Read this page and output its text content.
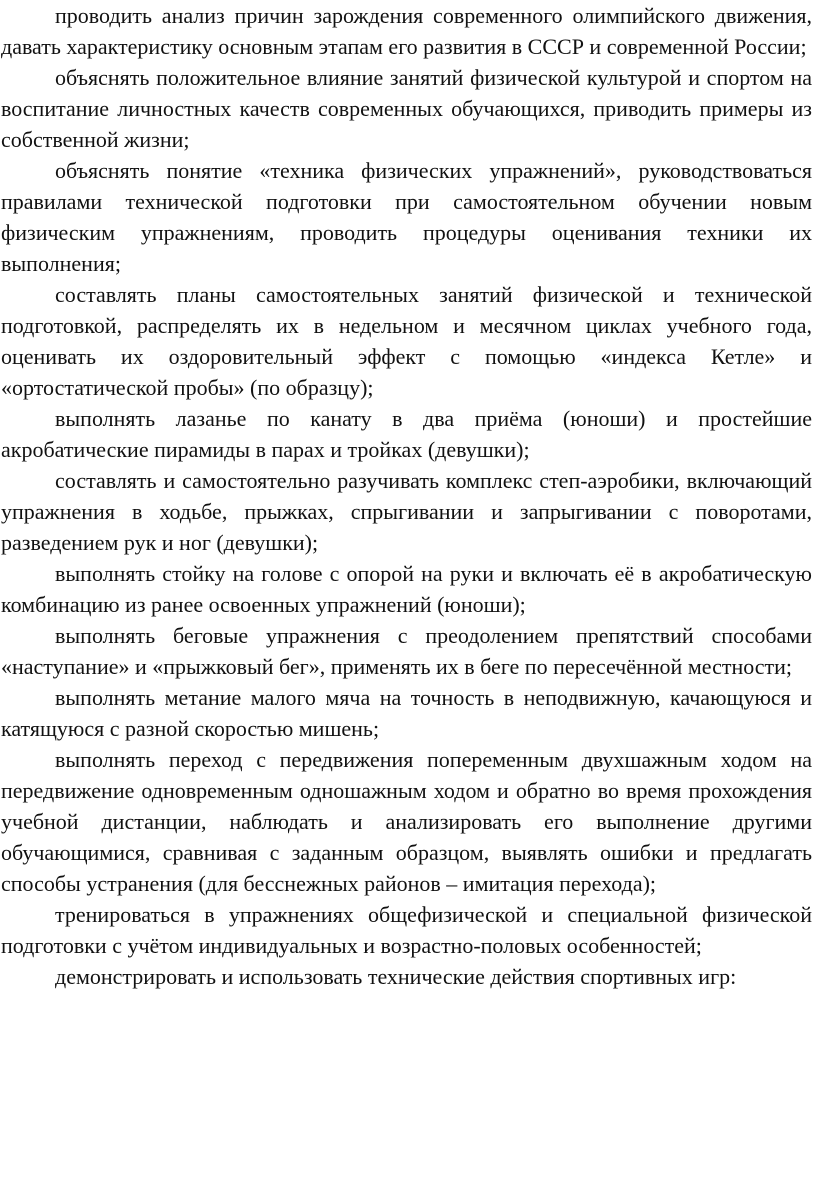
проводить анализ причин зарождения современного олимпийского движения, давать характеристику основным этапам его развития в СССР и современной России;

объяснять положительное влияние занятий физической культурой и спортом на воспитание личностных качеств современных обучающихся, приводить примеры из собственной жизни;

объяснять понятие «техника физических упражнений», руководствоваться правилами технической подготовки при самостоятельном обучении новым физическим упражнениям, проводить процедуры оценивания техники их выполнения;

составлять планы самостоятельных занятий физической и технической подготовкой, распределять их в недельном и месячном циклах учебного года, оценивать их оздоровительный эффект с помощью «индекса Кетле» и «ортостатической пробы» (по образцу);

выполнять лазанье по канату в два приёма (юноши) и простейшие акробатические пирамиды в парах и тройках (девушки);

составлять и самостоятельно разучивать комплекс степ-аэробики, включающий упражнения в ходьбе, прыжках, спрыгивании и запрыгивании с поворотами, разведением рук и ног (девушки);

выполнять стойку на голове с опорой на руки и включать её в акробатическую комбинацию из ранее освоенных упражнений (юноши);

выполнять беговые упражнения с преодолением препятствий способами «наступание» и «прыжковый бег», применять их в беге по пересечённой местности;

выполнять метание малого мяча на точность в неподвижную, качающуюся и катящуюся с разной скоростью мишень;

выполнять переход с передвижения попеременным двухшажным ходом на передвижение одновременным одношажным ходом и обратно во время прохождения учебной дистанции, наблюдать и анализировать его выполнение другими обучающимися, сравнивая с заданным образцом, выявлять ошибки и предлагать способы устранения (для бесснежных районов – имитация перехода);

тренироваться в упражнениях общефизической и специальной физической подготовки с учётом индивидуальных и возрастно-половых особенностей;

демонстрировать и использовать технические действия спортивных игр:
